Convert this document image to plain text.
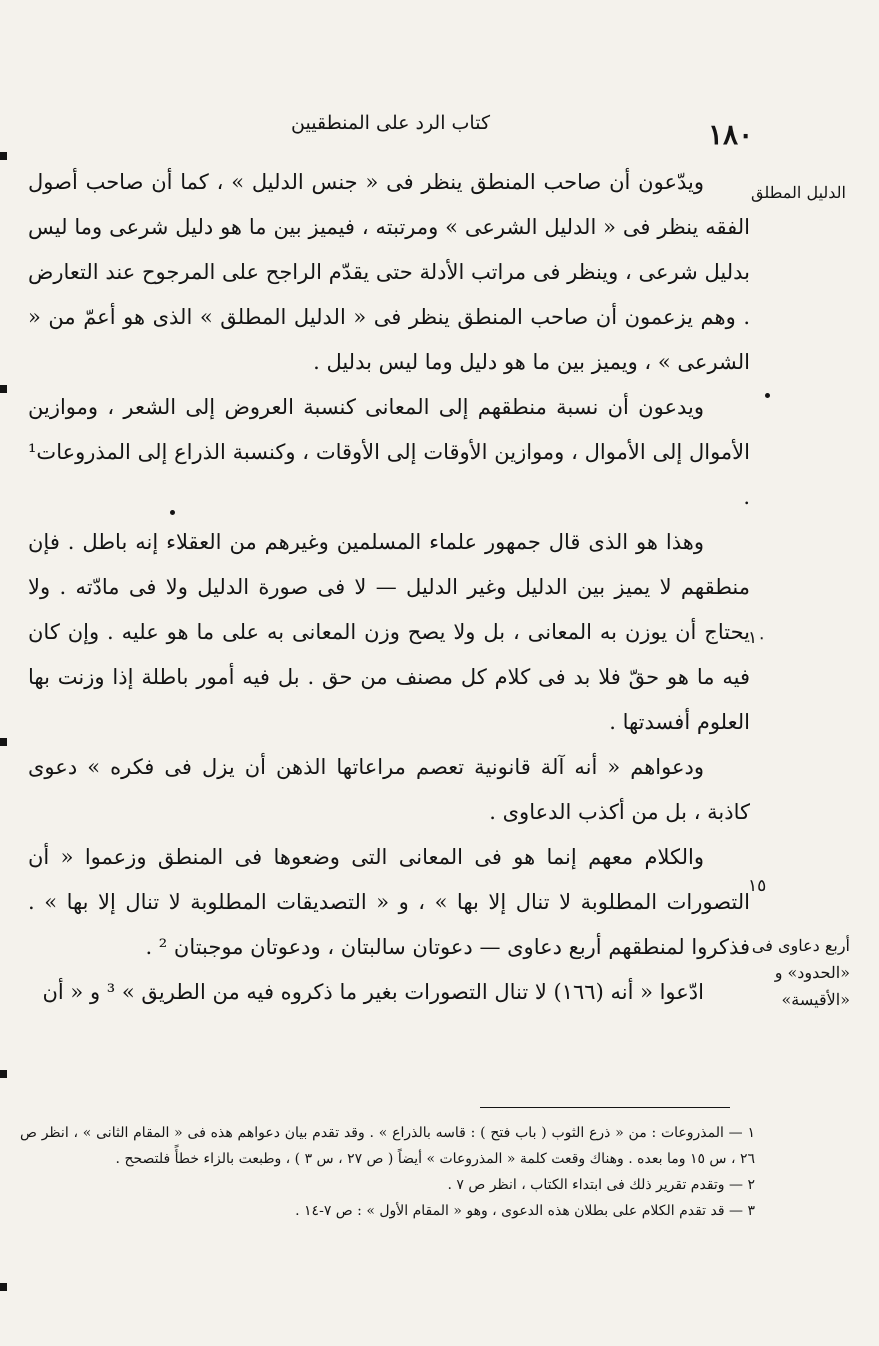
١٨٠
كتاب الرد على المنطقيين
الدليل المطلق
أربع دعاوى فى «الحدود» و «الأقيسة»
١٠
١٥

ويدّعون أن صاحب المنطق ينظر فى « جنس الدليل » ، كما أن صاحب أصول الفقه ينظر فى « الدليل الشرعى » ومرتبته ، فيميز بين ما هو دليل شرعى وما ليس بدليل شرعى ، وينظر فى مراتب الأدلة حتى يقدّم الراجح على المرجوح عند التعارض . وهم يزعمون أن صاحب المنطق ينظر فى « الدليل المطلق » الذى هو أعمّ من « الشرعى » ، ويميز بين ما هو دليل وما ليس بدليل .

ويدعون أن نسبة منطقهم إلى المعانى كنسبة العروض إلى الشعر ، وموازين الأموال إلى الأموال ، وموازين الأوقات إلى الأوقات ، وكنسبة الذراع إلى المذروعات¹ .

وهذا هو الذى قال جمهور علماء المسلمين وغيرهم من العقلاء إنه باطل . فإن منطقهم لا يميز بين الدليل وغير الدليل — لا فى صورة الدليل ولا فى مادّته . ولا يحتاج أن يوزن به المعانى ، بل ولا يصح وزن المعانى به على ما هو عليه . وإن كان فيه ما هو حقّ فلا بد فى كلام كل مصنف من حق . بل فيه أمور باطلة إذا وزنت بها العلوم أفسدتها .

ودعواهم « أنه آلة قانونية تعصم مراعاتها الذهن أن يزل فى فكره » دعوى كاذبة ، بل من أكذب الدعاوى .

والكلام معهم إنما هو فى المعانى التى وضعوها فى المنطق وزعموا « أن التصورات المطلوبة لا تنال إلا بها » ، و « التصديقات المطلوبة لا تنال إلا بها » . فذكروا لمنطقهم أربع دعاوى — دعوتان سالبتان ، ودعوتان موجبتان ² .

ادّعوا « أنه (١٦٦) لا تنال التصورات بغير ما ذكروه فيه من الطريق » ³ و « أن

١ — المذروعات : من « ذرع الثوب ( باب فتح ) : قاسه بالذراع » . وقد تقدم بيان دعواهم هذه فى « المقام الثانى » ، انظر ص ٢٦ ، س ١٥ وما بعده . وهناك وقعت كلمة « المذروعات » أيضاً ( ص ٢٧ ، س ٣ ) ، وطبعت بالزاء خطأً فلتصحح .

٢ — وتقدم تقرير ذلك فى ابتداء الكتاب ، انظر ص ٧ .

٣ — قد تقدم الكلام على بطلان هذه الدعوى ، وهو « المقام الأول » : ص ٧-١٤ .
